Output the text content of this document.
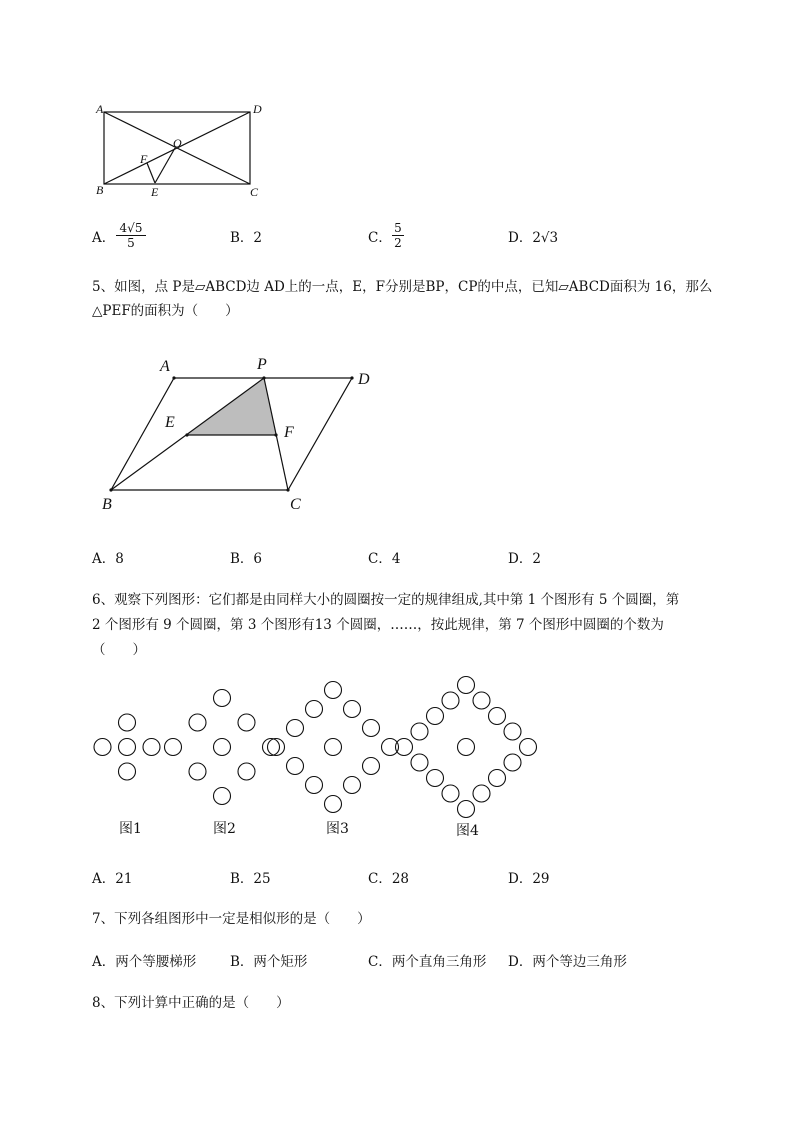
A	D
O
F
B	E	C
A． $\frac{4√5}{5}$	B．2	C． $\frac{5}{2}$	D．2√3
5、如图，点 P是▱ABCD边 AD上的一点，E，F分别是BP，CP的中点，已知▱ABCD面积为 16，那么
△PEF的面积为（　　）
A	P
D
E
F
B	C
A．8	B．6	C．4	D．2
6、观察下列图形：它们都是由同样大小的圆圈按一定的规律组成,其中第 1 个图形有 5 个圆圈，第
2 个图形有 9 个圆圈，第 3 个图形有13 个圆圈，……，按此规律，第 7 个图形中圆圈的个数为
（　　）
图1	图2	图3	图4
A．21	B．25	C．28	D．29
7、下列各组图形中一定是相似形的是（　　）
A．两个等腰梯形	B．两个矩形	C．两个直角三角形 D．两个等边三角形
8、下列计算中正确的是（　　）
